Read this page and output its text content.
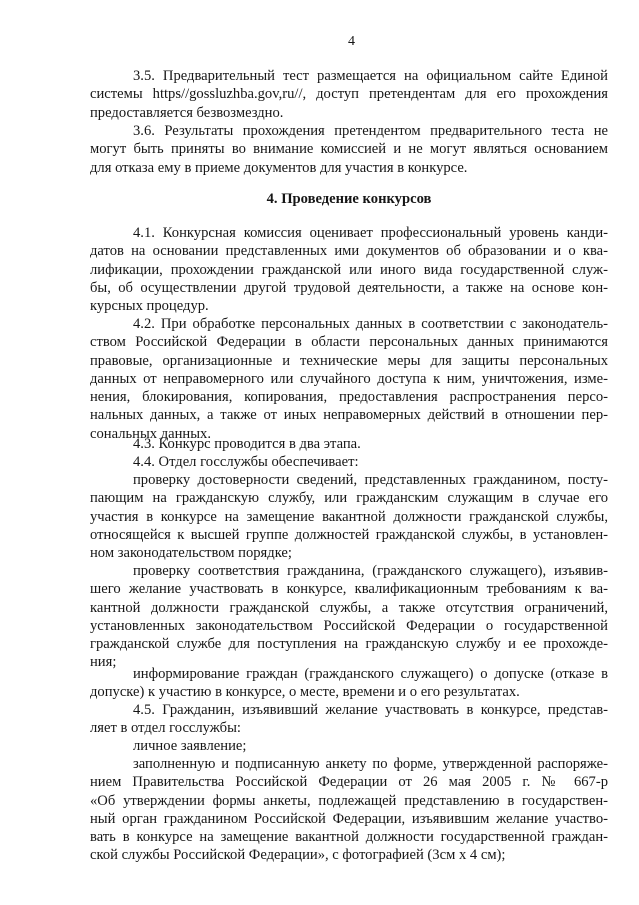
4
3.5. Предварительный тест размещается на официальном сайте Единой
системы https//gossluzhba.gov,ru//, доступ претендентам для его прохождения
предоставляется безвозмездно.
3.6. Результаты прохождения претендентом предварительного теста не
могут быть приняты во внимание комиссией и не могут являться основанием
для отказа ему в приеме документов для участия в конкурсе.
4. Проведение конкурсов
4.1. Конкурсная комиссия оценивает профессиональный уровень канди-
датов на основании представленных ими документов об образовании и о ква-
лификации, прохождении гражданской или иного вида государственной служ-
бы, об осуществлении другой трудовой деятельности, а также на основе кон-
курсных процедур.
4.2. При обработке персональных данных в соответствии с законодатель-
ством Российской Федерации в области персональных данных принимаются
правовые, организационные и технические меры для защиты персональных
данных от неправомерного или случайного доступа к ним, уничтожения, изме-
нения, блокирования, копирования, предоставления распространения персо-
нальных данных, а также от иных неправомерных действий в отношении пер-
сональных данных.
4.3. Конкурс проводится в два этапа.
4.4. Отдел госслужбы обеспечивает:
проверку достоверности сведений, представленных гражданином, посту-
пающим на гражданскую службу, или гражданским служащим в случае его
участия в конкурсе на замещение вакантной должности гражданской службы,
относящейся к высшей группе должностей гражданской службы, в установлен-
ном законодательством порядке;
проверку соответствия гражданина, (гражданского служащего), изъявив-
шего желание участвовать в конкурсе, квалификационным требованиям к ва-
кантной должности гражданской службы, а также отсутствия ограничений,
установленных законодательством Российской Федерации о государственной
гражданской службе для поступления на гражданскую службу и ее прохожде-
ния;
информирование граждан (гражданского служащего) о допуске (отказе в
допуске) к участию в конкурсе, о месте, времени и о его результатах.
4.5. Гражданин, изъявивший желание участвовать в конкурсе, представ-
ляет в отдел госслужбы:
личное заявление;
заполненную и подписанную анкету по форме, утвержденной распоряже-
нием Правительства Российской Федерации от 26 мая 2005 г. № 667-р
«Об утверждении формы анкеты, подлежащей представлению в государствен-
ный орган гражданином Российской Федерации, изъявившим желание участво-
вать в конкурсе на замещение вакантной должности государственной граждан-
ской службы Российской Федерации», с фотографией (3см х 4 см);
